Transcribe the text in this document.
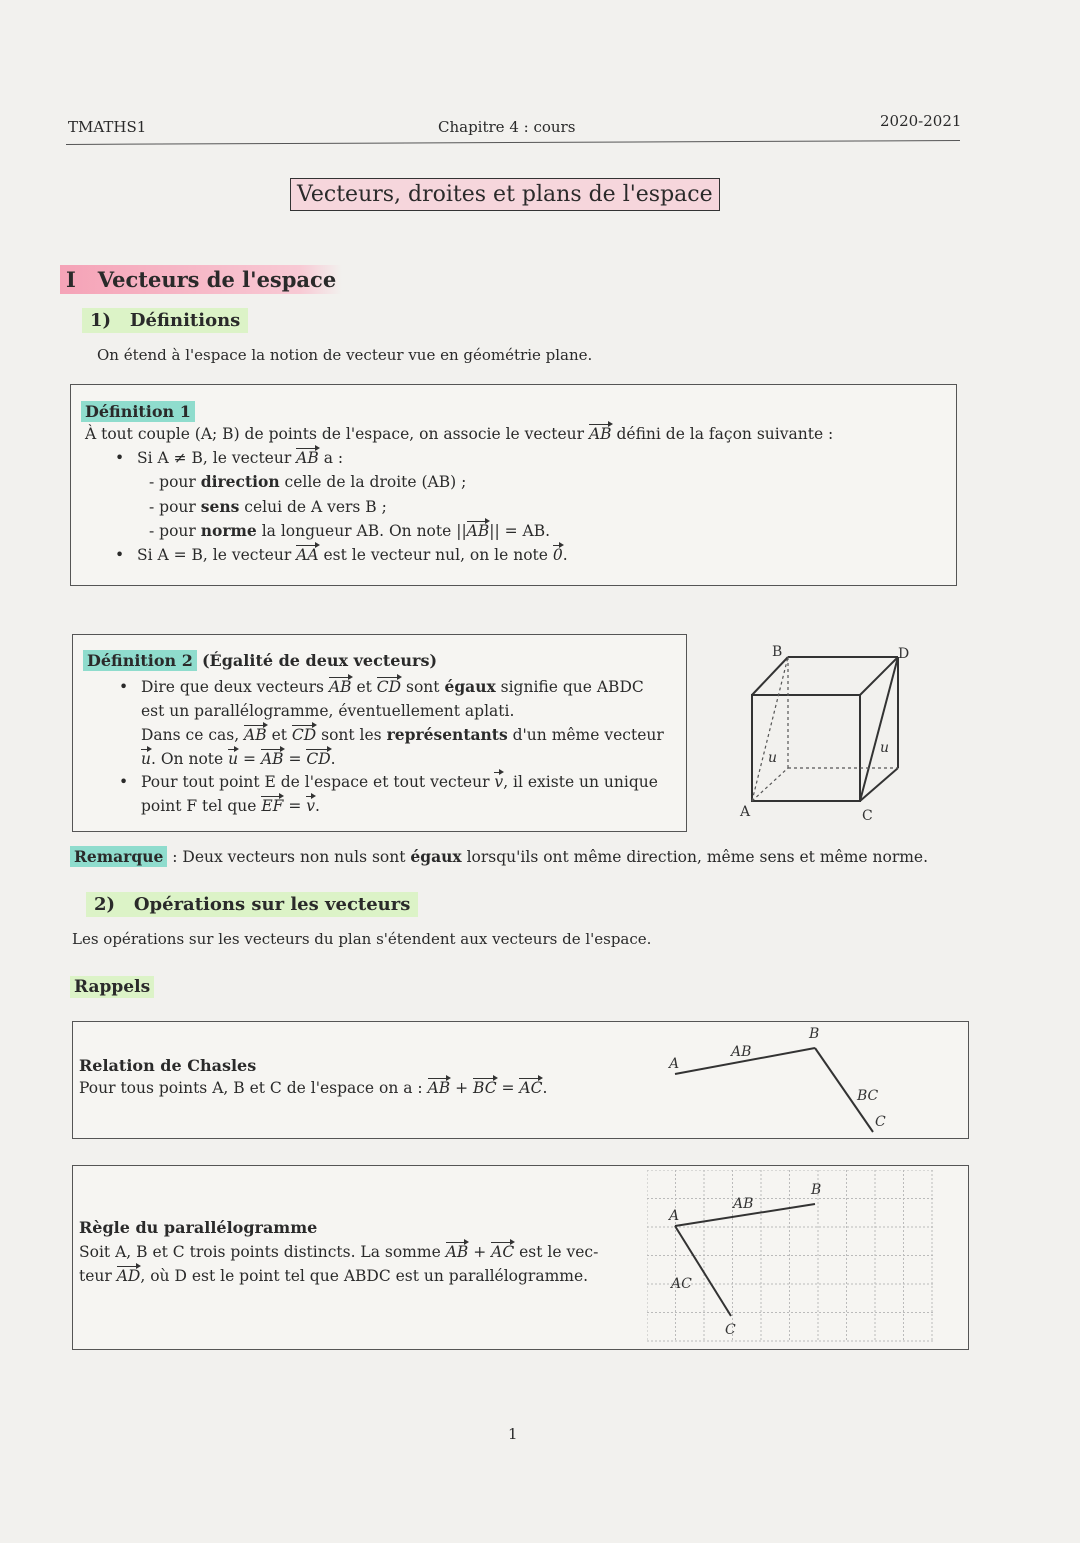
TMATHS1	Chapitre 4 : cours	2020-2021
Vecteurs, droites et plans de l'espace
I Vecteurs de l'espace
1) Définitions
On étend à l'espace la notion de vecteur vue en géométrie plane.
Définition 1
À tout couple (A; B) de points de l'espace, on associe le vecteur AB défini de la façon suivante :
• Si A ≠ B, le vecteur AB a :
- pour direction celle de la droite (AB) ;
- pour sens celui de A vers B ;
- pour norme la longueur AB. On note ||AB|| = AB.
• Si A = B, le vecteur AA est le vecteur nul, on le note 0.
Définition 2 (Égalité de deux vecteurs)
• Dire que deux vecteurs AB et CD sont égaux signifie que ABDC
est un parallélogramme, éventuellement aplati.
Dans ce cas, AB et CD sont les représentants d'un même vecteur
u. On note u = AB = CD.
• Pour tout point E de l'espace et tout vecteur v, il existe un unique
point F tel que EF = v.
B	D
A	C
u
u
Remarque : Deux vecteurs non nuls sont égaux lorsqu'ils ont même direction, même sens et même norme.
2) Opérations sur les vecteurs
Les opérations sur les vecteurs du plan s'étendent aux vecteurs de l'espace.
Rappels
Relation de Chasles
Pour tous points A, B et C de l'espace on a : AB + BC = AC.
A
B
C
AB
BC
Règle du parallélogramme
Soit A, B et C trois points distincts. La somme AB + AC est le vec-
teur AD, où D est le point tel que ABDC est un parallélogramme.
A
B
C
AB
AC
1
